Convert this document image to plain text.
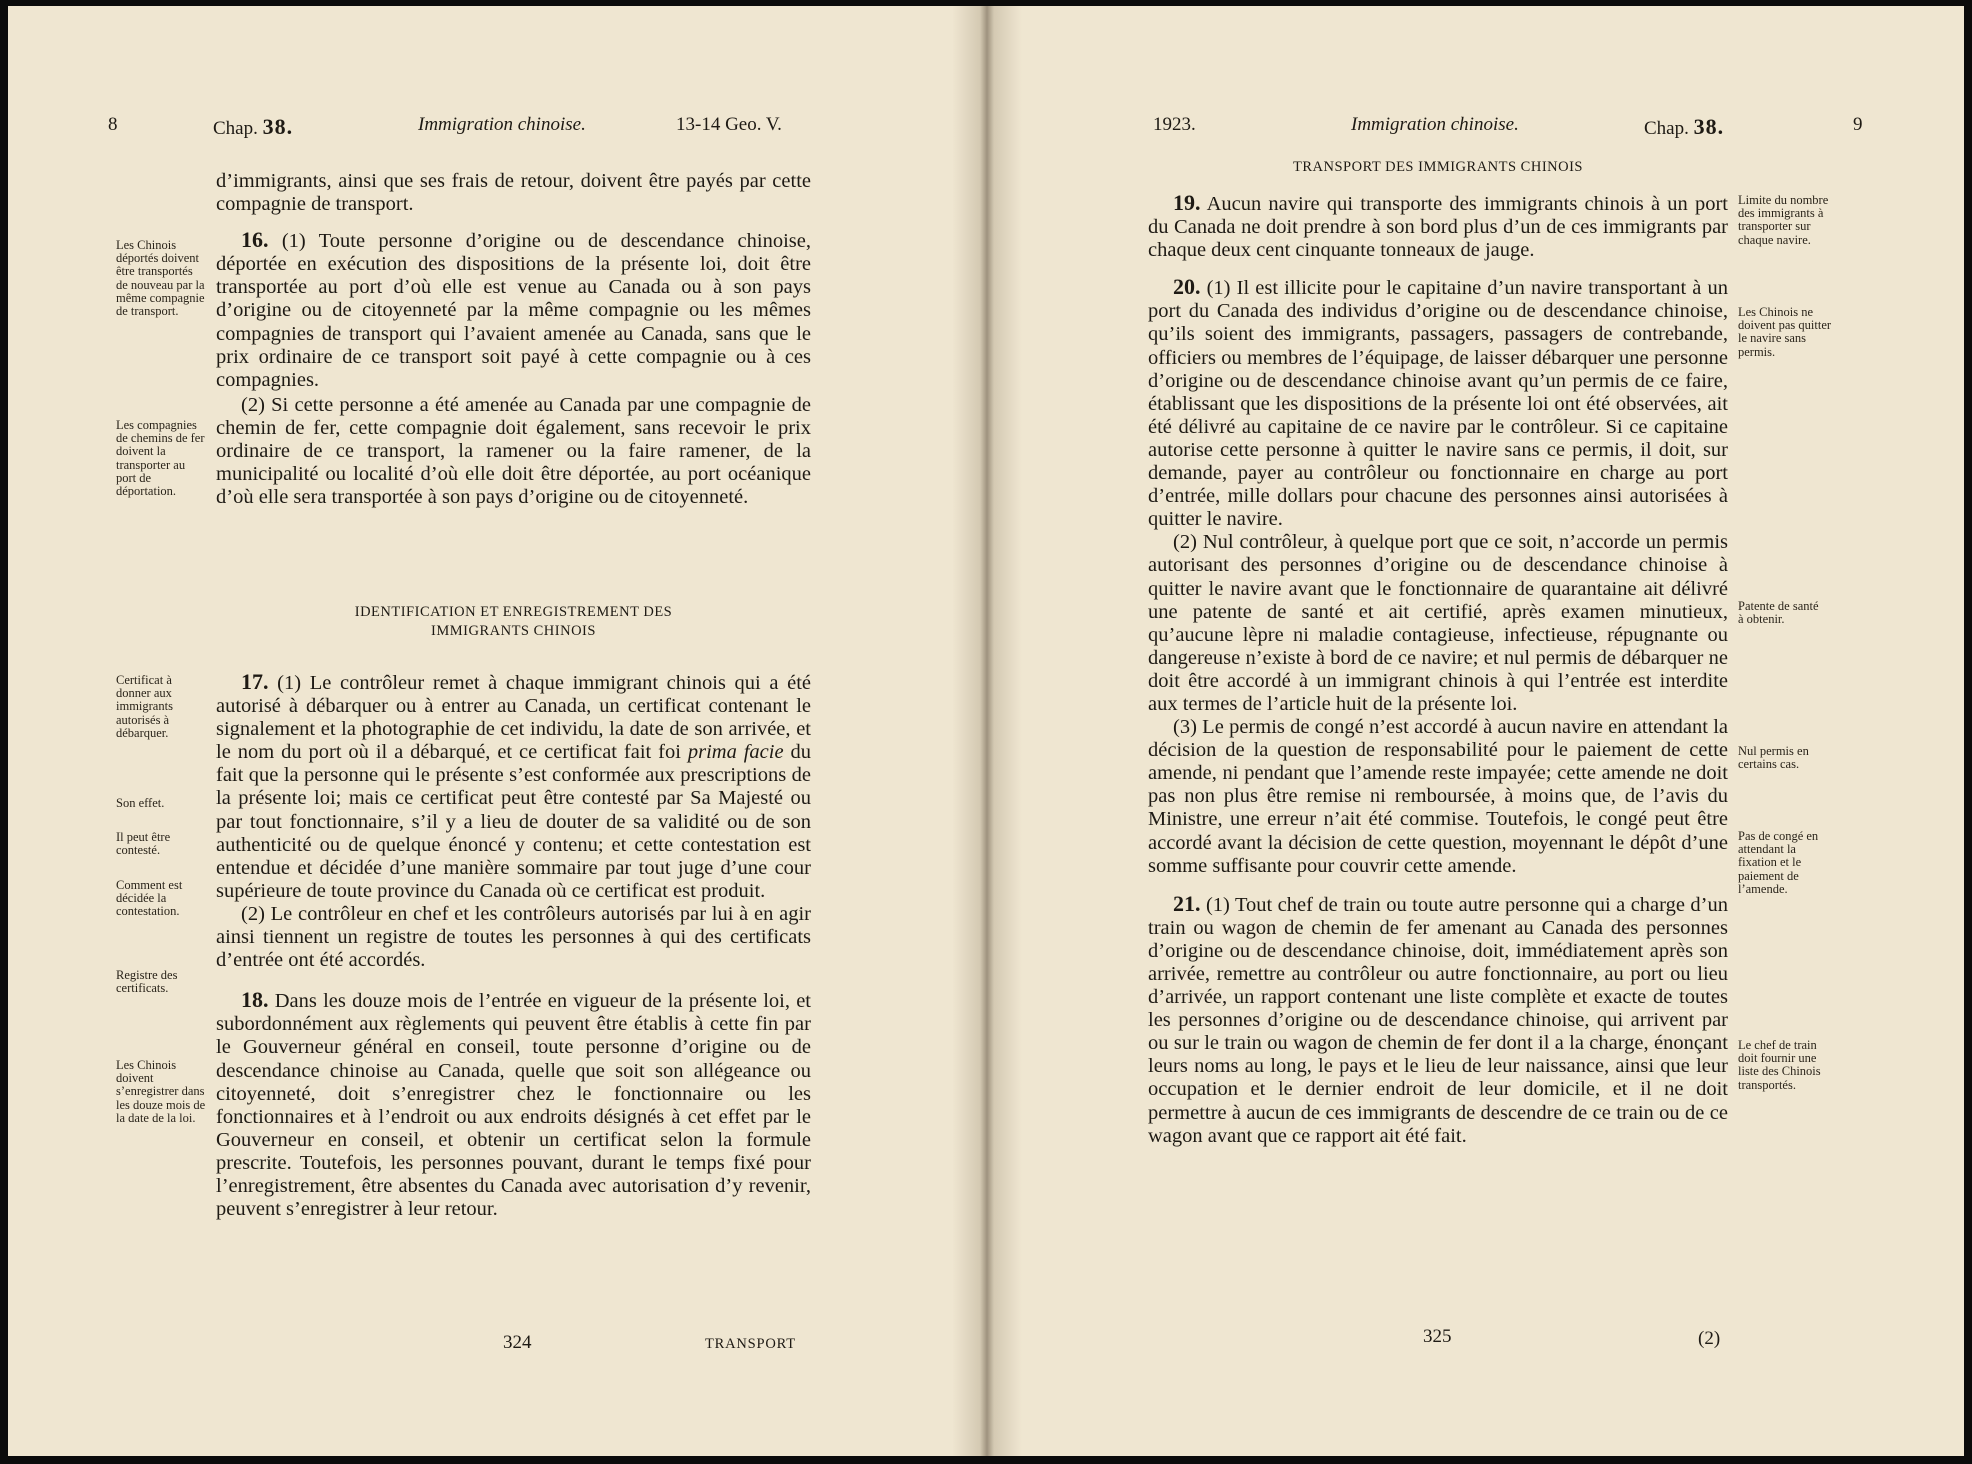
8	Chap. 38.	Immigration chinoise.	13-14 Geo. V.
Les Chinois déportés doivent être transportés de nouveau par la même compagnie de transport.
Les compagnies de chemins de fer doivent la transporter au port de déportation.
Certificat à donner aux immigrants autorisés à débarquer.
Son effet.
Il peut être contesté.
Comment est décidée la contestation.
Registre des certificats.
Les Chinois doivent s’enregistrer dans les douze mois de la date de la loi.

d’immigrants, ainsi que ses frais de retour, doivent être payés par cette compagnie de transport.

16. (1) Toute personne d’origine ou de descendance chinoise, déportée en exécution des dispositions de la présente loi, doit être transportée au port d’où elle est venue au Canada ou à son pays d’origine ou de citoyenneté par la même compagnie ou les mêmes compagnies de transport qui l’avaient amenée au Canada, sans que le prix ordinaire de ce transport soit payé à cette compagnie ou à ces compagnies.

(2) Si cette personne a été amenée au Canada par une compagnie de chemin de fer, cette compagnie doit également, sans recevoir le prix ordinaire de ce transport, la ramener ou la faire ramener, de la municipalité ou localité d’où elle doit être déportée, au port océanique d’où elle sera transportée à son pays d’origine ou de citoyenneté.

IDENTIFICATION ET ENREGISTREMENT DES
IMMIGRANTS CHINOIS

17. (1) Le contrôleur remet à chaque immigrant chinois qui a été autorisé à débarquer ou à entrer au Canada, un certificat contenant le signalement et la photographie de cet individu, la date de son arrivée, et le nom du port où il a débarqué, et ce certificat fait foi prima facie du fait que la personne qui le présente s’est conformée aux prescriptions de la présente loi; mais ce certificat peut être contesté par Sa Majesté ou par tout fonctionnaire, s’il y a lieu de douter de sa validité ou de son authenticité ou de quelque énoncé y contenu; et cette contestation est entendue et décidée d’une manière sommaire par tout juge d’une cour supérieure de toute province du Canada où ce certificat est produit.

(2) Le contrôleur en chef et les contrôleurs autorisés par lui à en agir ainsi tiennent un registre de toutes les personnes à qui des certificats d’entrée ont été accordés.

18. Dans les douze mois de l’entrée en vigueur de la présente loi, et subordonnément aux règlements qui peuvent être établis à cette fin par le Gouverneur général en conseil, toute personne d’origine ou de descendance chinoise au Canada, quelle que soit son allégeance ou citoyenneté, doit s’enregistrer chez le fonctionnaire ou les fonctionnaires et à l’endroit ou aux endroits désignés à cet effet par le Gouverneur en conseil, et obtenir un certificat selon la formule prescrite. Toutefois, les personnes pouvant, durant le temps fixé pour l’enregistrement, être absentes du Canada avec autorisation d’y revenir, peuvent s’enregistrer à leur retour.

324	TRANSPORT
1923.	Immigration chinoise.	Chap. 38.	9
TRANSPORT DES IMMIGRANTS CHINOIS

19. Aucun navire qui transporte des immigrants chinois à un port du Canada ne doit prendre à son bord plus d’un de ces immigrants par chaque deux cent cinquante tonneaux de jauge.

20. (1) Il est illicite pour le capitaine d’un navire transportant à un port du Canada des individus d’origine ou de descendance chinoise, qu’ils soient des immigrants, passagers, passagers de contrebande, officiers ou membres de l’équipage, de laisser débarquer une personne d’origine ou de descendance chinoise avant qu’un permis de ce faire, établissant que les dispositions de la présente loi ont été observées, ait été délivré au capitaine de ce navire par le contrôleur. Si ce capitaine autorise cette personne à quitter le navire sans ce permis, il doit, sur demande, payer au contrôleur ou fonctionnaire en charge au port d’entrée, mille dollars pour chacune des personnes ainsi autorisées à quitter le navire.

(2) Nul contrôleur, à quelque port que ce soit, n’accorde un permis autorisant des personnes d’origine ou de descendance chinoise à quitter le navire avant que le fonctionnaire de quarantaine ait délivré une patente de santé et ait certifié, après examen minutieux, qu’aucune lèpre ni maladie contagieuse, infectieuse, répugnante ou dangereuse n’existe à bord de ce navire; et nul permis de débarquer ne doit être accordé à un immigrant chinois à qui l’entrée est interdite aux termes de l’article huit de la présente loi.

(3) Le permis de congé n’est accordé à aucun navire en attendant la décision de la question de responsabilité pour le paiement de cette amende, ni pendant que l’amende reste impayée; cette amende ne doit pas non plus être remise ni remboursée, à moins que, de l’avis du Ministre, une erreur n’ait été commise. Toutefois, le congé peut être accordé avant la décision de cette question, moyennant le dépôt d’une somme suffisante pour couvrir cette amende.

21. (1) Tout chef de train ou toute autre personne qui a charge d’un train ou wagon de chemin de fer amenant au Canada des personnes d’origine ou de descendance chinoise, doit, immédiatement après son arrivée, remettre au contrôleur ou autre fonctionnaire, au port ou lieu d’arrivée, un rapport contenant une liste complète et exacte de toutes les personnes d’origine ou de descendance chinoise, qui arrivent par ou sur le train ou wagon de chemin de fer dont il a la charge, énonçant leurs noms au long, le pays et le lieu de leur naissance, ainsi que leur occupation et le dernier endroit de leur domicile, et il ne doit permettre à aucun de ces immigrants de descendre de ce train ou de ce wagon avant que ce rapport ait été fait.

Limite du nombre des immigrants à transporter sur chaque navire.
Les Chinois ne doivent pas quitter le navire sans permis.
Patente de santé à obtenir.
Nul permis en certains cas.
Pas de congé en attendant la fixation et le paiement de l’amende.
Le chef de train doit fournir une liste des Chinois transportés.
325	(2)
